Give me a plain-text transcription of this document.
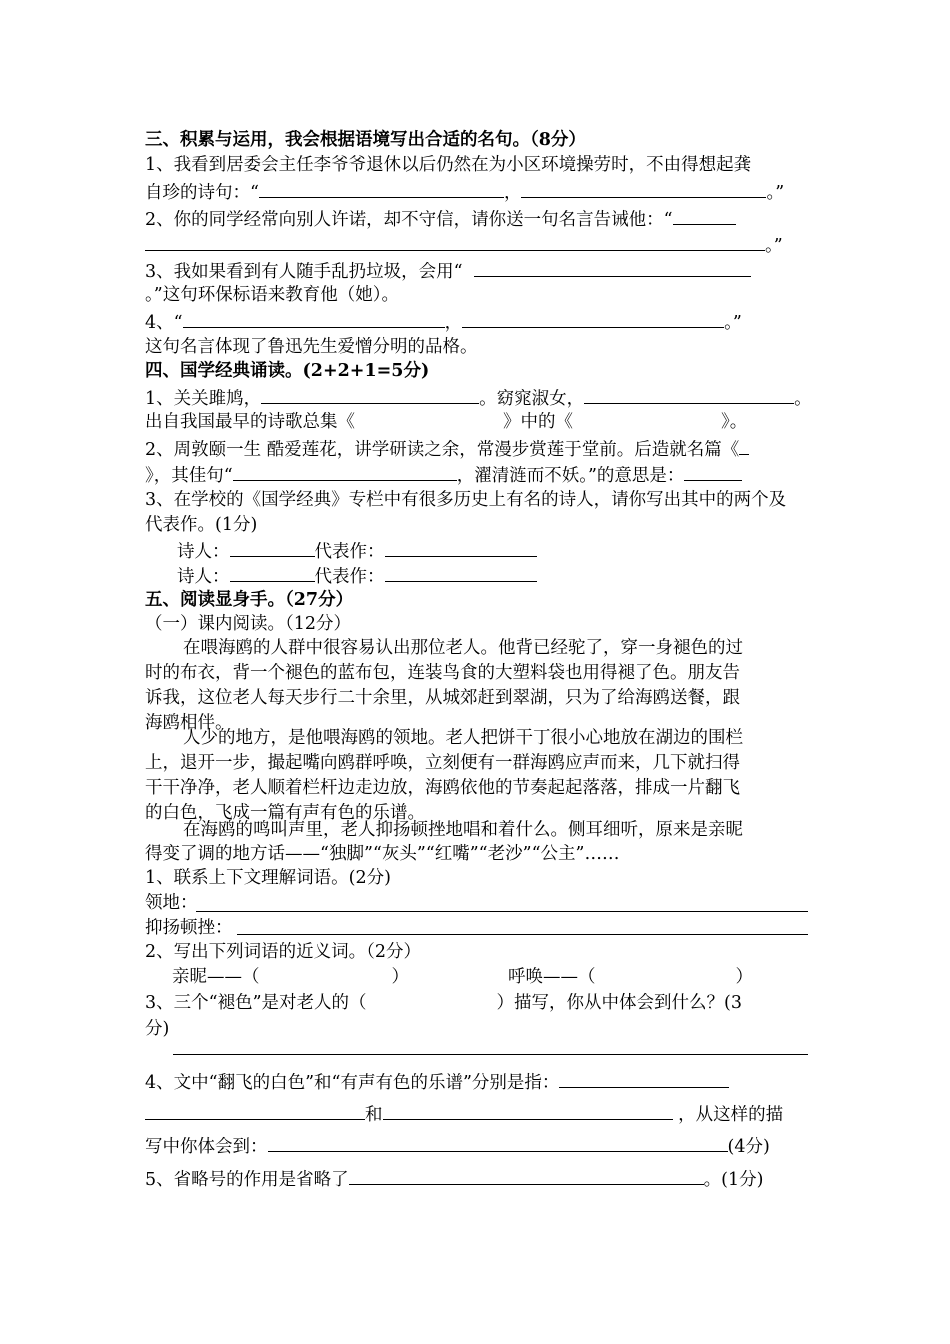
三、积累与运用，我会根据语境写出合适的名句。（8分）
1、我看到居委会主任李爷爷退休以后仍然在为小区环境操劳时，不由得想起龚
自珍的诗句：“	，	。”
2、你的同学经常向别人许诺，却不守信，请你送一句名言告诫他：“
。”
3、我如果看到有人随手乱扔垃圾，会用“
。”这句环保标语来教育他（她）。
4、“	，	。”
这句名言体现了鲁迅先生爱憎分明的品格。
四、国学经典诵读。(2+2+1=5分)
1、关关雎鸠，	。窈窕淑女，	。
出自我国最早的诗歌总集《	》中的《	》。
2、周敦颐一生 酷爱莲花，讲学研读之余，常漫步赏莲于堂前。后造就名篇《
》，其佳句“	，濯清涟而不妖。”的意思是：
3、在学校的《国学经典》专栏中有很多历史上有名的诗人，请你写出其中的两个及
代表作。(1分)
诗人：	代表作：
诗人：	代表作：
五、阅读显身手。（27分）
（一）课内阅读。（12分）
在喂海鸥的人群中很容易认出那位老人。他背已经驼了，穿一身褪色的过
时的布衣，背一个褪色的蓝布包，连装鸟食的大塑料袋也用得褪了色。朋友告
诉我，这位老人每天步行二十余里，从城郊赶到翠湖，只为了给海鸥送餐，跟
海鸥相伴。
人少的地方，是他喂海鸥的领地。老人把饼干丁很小心地放在湖边的围栏
上，退开一步，撮起嘴向鸥群呼唤，立刻便有一群海鸥应声而来，几下就扫得
干干净净，老人顺着栏杆边走边放，海鸥依他的节奏起起落落，排成一片翻飞
的白色，飞成一篇有声有色的乐谱。
在海鸥的鸣叫声里，老人抑扬顿挫地唱和着什么。侧耳细听，原来是亲昵
得变了调的地方话——“独脚”“灰头”“红嘴”“老沙”“公主”……
1、联系上下文理解词语。(2分)
领地：
抑扬顿挫：
2、写出下列词语的近义词。（2分）
亲昵——（	）	呼唤——（	）
3、三个“褪色”是对老人的（	）描写，你从中体会到什么？(3
分)
4、文中“翻飞的白色”和“有声有色的乐谱”分别是指：
和	，从这样的描
写中你体会到：	(4分)
5、省略号的作用是省略了	。(1分)
